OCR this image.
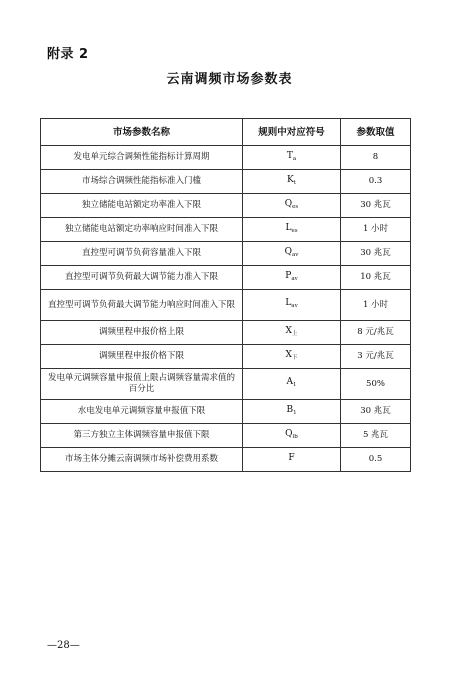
附录 2
云南调频市场参数表
市场参数名称	规则中对应符号	参数取值
发电单元综合调频性能指标计算周期	$T_a$	8
市场综合调频性能指标准入门槛	$K_t$	0.3
独立储能电站额定功率准入下限	$Q_{es}$	30 兆瓦
独立储能电站额定功率响应时间准入下限	$L_{es}$	1 小时
直控型可调节负荷容量准入下限	$Q_{av}$	30 兆瓦
直控型可调节负荷最大调节能力准入下限	$P_{av}$	10 兆瓦
直控型可调节负荷最大调节能力响应时间准入下限	$L_{av}$	1 小时
调频里程申报价格上限	$X_上$	8 元/兆瓦
调频里程申报价格下限	$X_下$	3 元/兆瓦
发电单元调频容量申报值上限占调频容量需求值的百分比	$A_1$	50%
水电发电单元调频容量申报值下限	$B_1$	30 兆瓦
第三方独立主体调频容量申报值下限	$Q_{lb}$	5 兆瓦
市场主体分摊云南调频市场补偿费用系数	F	0.5
—28—
